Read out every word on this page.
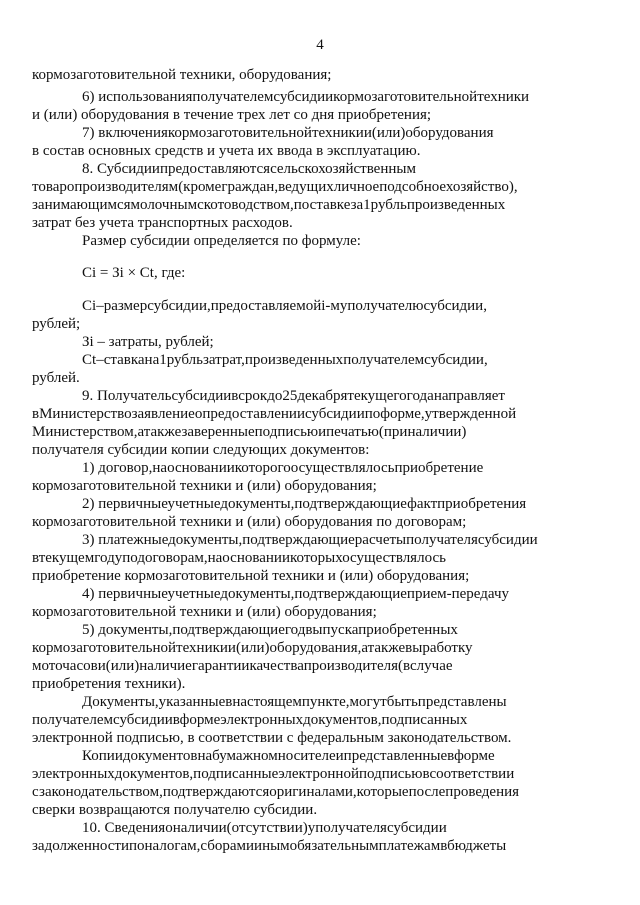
4
кормозаготовительной техники, оборудования;
6) использованияполучателемсубсидиикормозаготовительнойтехники
и (или) оборудования в течение трех лет со дня приобретения;
7) включениякормозаготовительнойтехникии(или)оборудования
в состав основных средств и учета их ввода в эксплуатацию.
8. Субсидиипредоставляютсясельскохозяйственным
товаропроизводителям(кромеграждан,ведущихличноеподсобноехозяйство),
занимающимсямолочнымскотоводством,поставкеза1рубльпроизведенных
затрат без учета транспортных расходов.
Размер субсидии определяется по формуле:
Сi = Зi × Сt, где:
Сi–размерсубсидии,предоставляемойi-муполучателюсубсидии,
рублей;
Зi – затраты, рублей;
Сt–ставкана1рубльзатрат,произведенныхполучателемсубсидии,
рублей.
9. Получательсубсидиивсрокдо25декабрятекущегогоданаправляет
вМинистерствозаявлениеопредоставлениисубсидиипоформе,утвержденной
Министерством,атакжезаверенныеподписьюипечатью(приналичии)
получателя субсидии копии следующих документов:
1) договор,наоснованиикоторогоосуществлялосьприобретение
кормозаготовительной техники и (или) оборудования;
2) первичныеучетныедокументы,подтверждающиефактприобретения
кормозаготовительной техники и (или) оборудования по договорам;
3) платежныедокументы,подтверждающиерасчетыполучателясубсидии
втекущемгодуподоговорам,наоснованиикоторыхосуществлялось
приобретение кормозаготовительной техники и (или) оборудования;
4) первичныеучетныедокументы,подтверждающиеприем-передачу
кормозаготовительной техники и (или) оборудования;
5) документы,подтверждающиегодвыпускаприобретенных
кормозаготовительнойтехникии(или)оборудования,атакжевыработку
моточасови(или)наличиегарантиикачествапроизводителя(вслучае
приобретения техники).
Документы,указанныевнастоящемпункте,могутбытьпредставлены
получателемсубсидиивформеэлектронныхдокументов,подписанных
электронной подписью, в соответствии с федеральным законодательством.
Копиидокументовнабумажномносителеипредставленныевформе
электронныхдокументов,подписанныеэлектроннойподписьювсоответствии
сзаконодательством,подтверждаютсяоригиналами,которыепослепроведения
сверки возвращаются получателю субсидии.
10. Сведенияоналичии(отсутствии)уполучателясубсидии
задолженностипоналогам,сборамиинымобязательнымплатежамвбюджеты
